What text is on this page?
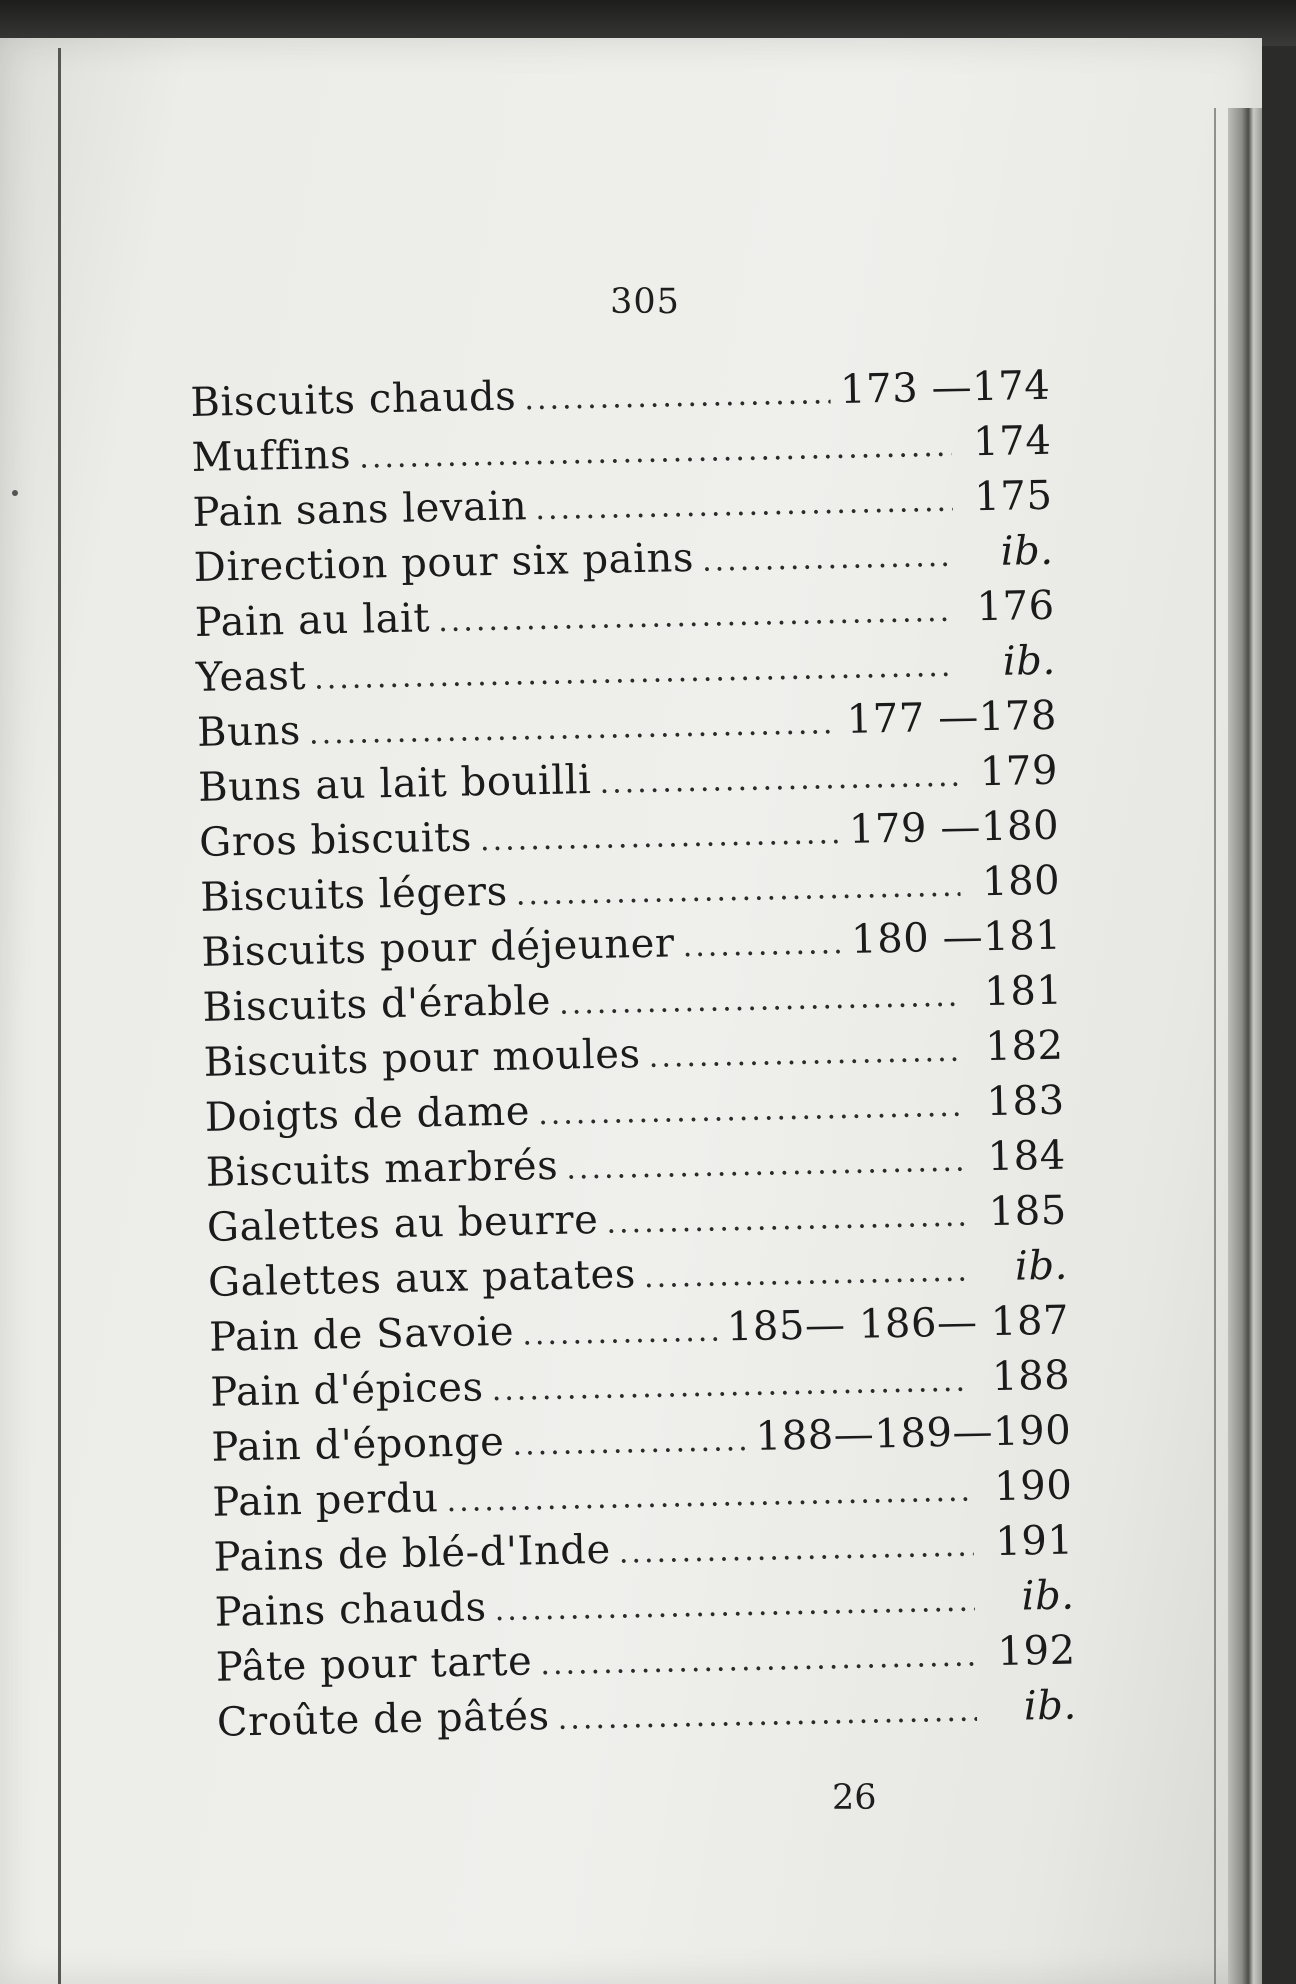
305
Biscuits chauds .....	173 —174
Muffins .....	174
Pain sans levain .....	175
Direction pour six pains .....	ib.
Pain au lait .....	176
Yeast .....	ib.
Buns .....	177 —178
Buns au lait bouilli .....	179
Gros biscuits .....	179 —180
Biscuits légers .....	180
Biscuits pour déjeuner .....	180 —181
Biscuits d'érable .....	181
Biscuits pour moules .....	182
Doigts de dame .....	183
Biscuits marbrés .....	184
Galettes au beurre .....	185
Galettes aux patates .....	ib.
Pain de Savoie .....	185— 186— 187
Pain d'épices .....	188
Pain d'éponge .....	188—189—190
Pain perdu .....	190
Pains de blé-d'Inde .....	191
Pains chauds .....	ib.
Pâte pour tarte .....	192
Croûte de pâtés .....	ib.
26
